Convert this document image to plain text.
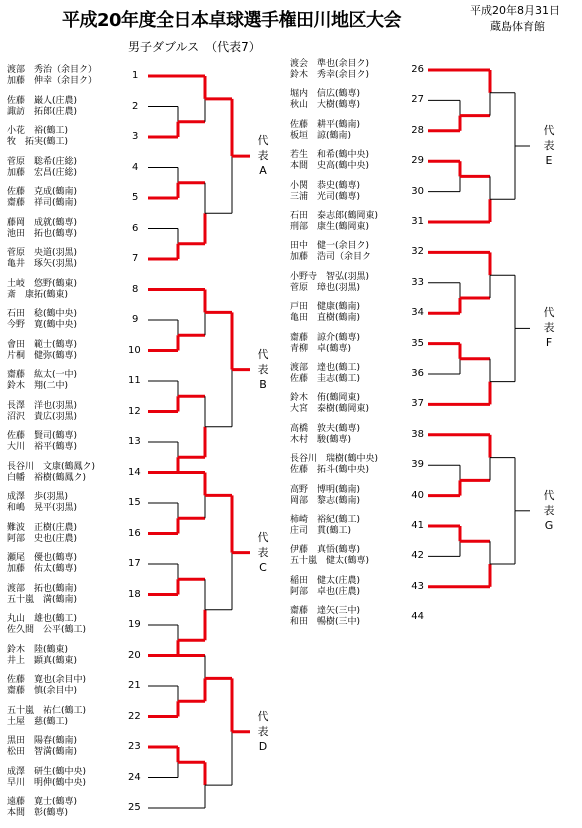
平成20年度全日本卓球選手権田川地区大会	平成20年8月31日
蔵島体育館
男子ダブルス　（代表7）
1
渡部　秀治（余目ク）
加藤　伸幸（余目ク）
2
佐藤　巌人(庄農)
諏訪　拓郎(庄農)
3
小花　裕(鶴工)
牧　拓実(鶴工)
4
菅原　聡希(庄総)
加藤　宏昌(庄総)
5
佐藤　克成(鶴南)
齋藤　祥司(鶴南)
6
藤岡　成就(鶴専)
池田　拓也(鶴専)
7
菅原　央道(羽黒)
亀井　琢矢(羽黒)
8
土岐　悠野(鶴東)
斎　康拓(鶴東)
9
石田　稔(鶴中央)
今野　寛(鶴中央)
10
會田　範士(鶴専)
片桐　健弥(鶴専)
11
齋藤　紘太(一中)
鈴木　翔(二中)
12
長澤　洋也(羽黒)
沼沢　貴広(羽黒)
13
佐藤　賢司(鶴専)
大川　裕平(鶴専)
14
長谷川　文康(鶴鳳ク)
白幡　裕樹(鶴鳳ク)
15
成澤　歩(羽黒)
和嶋　晃平(羽黒)
16
難波　正樹(庄農)
阿部　史也(庄農)
17
瀬尾　優也(鶴専)
加藤　佑太(鶴専)
18
渡部　拓也(鶴南)
五十嵐　満(鶴南)
19
丸山　雄也(鶴工)
佐久間　公平(鶴工)
20
鈴木　陸(鶴東)
井上　顕真(鶴東)
21
佐藤　寛也(余目中)
齋藤　慎(余目中)
22
五十嵐　祐仁(鶴工)
土屋　慈(鶴工)
23
黒田　陽春(鶴南)
松田　智満(鶴南)
24
成澤　研生(鶴中央)
早川　明伸(鶴中央)
25
遠藤　寛士(鶴専)
本間　彰(鶴専)
26
渡会　準也(余目ク)
鈴木　秀幸(余目ク)
27
堀内　信広(鶴専)
秋山　大樹(鶴専)
28
佐藤　耕平(鶴南)
板垣　諒(鶴南)
29
若生　和希(鶴中央)
本間　史高(鶴中央)
30
小関　恭史(鶴専)
三浦　光司(鶴専)
31
石田　泰志郎(鶴岡東)
刑部　康生(鶴岡東)
32
田中　健一(余目ク)
加藤　浩司（余目ク
33
小野寺　智弘(羽黒)
菅原　璋也(羽黒)
34
戸田　健康(鶴南)
亀田　直樹(鶴南)
35
齋藤　諒介(鶴専)
青柳　卓(鶴専)
36
渡部　達也(鶴工)
佐藤　圭志(鶴工)
37
鈴木　侑(鶴岡東)
大宮　泰樹(鶴岡東)
38
高橋　敦夫(鶴専)
木村　駿(鶴専)
39
長谷川　瑞樹(鶴中央)
佐藤　拓斗(鶴中央)
40
高野　博明(鶴南)
岡部　黎志(鶴南)
41
柿崎　裕紀(鶴工)
庄司　貫(鶴工)
42
伊藤　真悟(鶴専)
五十嵐　健太(鶴専)
43
稲田　健太(庄農)
阿部　卓也(庄農)
44
齋藤　達矢(三中)
和田　暢樹(三中)
代
表
A
代
表
B
代
表
C
代
表
D
代
表
E
代
表
F
代
表
G
